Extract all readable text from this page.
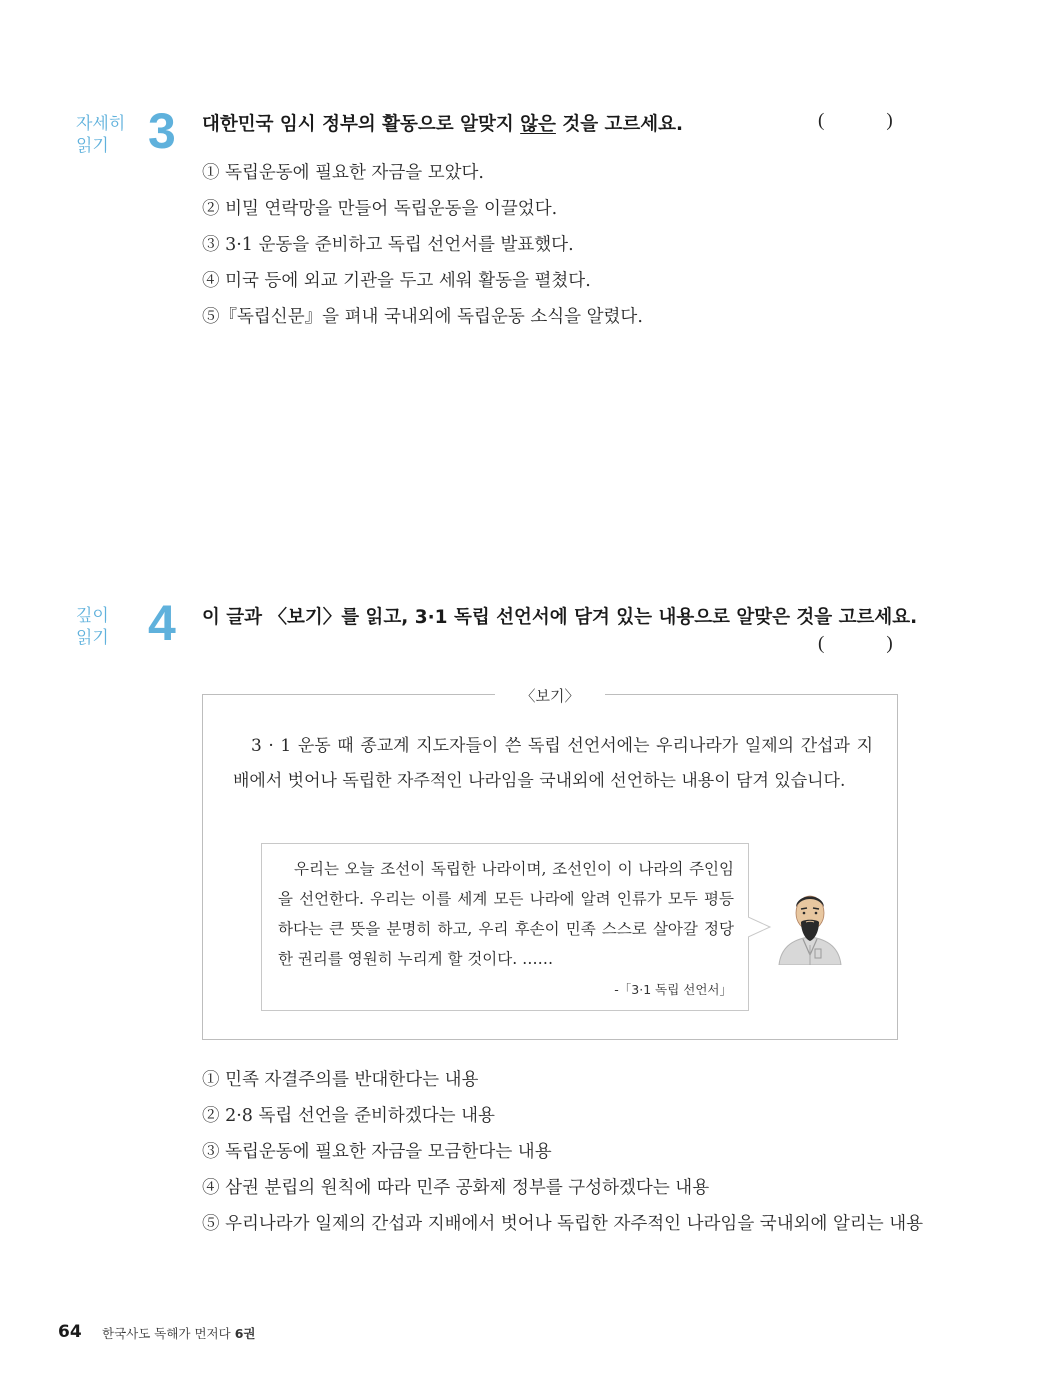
자세히
읽기 3 대한민국 임시 정부의 활동으로 알맞지 않은 것을 고르세요.	(	)
① 독립운동에 필요한 자금을 모았다.
② 비밀 연락망을 만들어 독립운동을 이끌었다.
③ 3·1 운동을 준비하고 독립 선언서를 발표했다.
④ 미국 등에 외교 기관을 두고 세워 활동을 펼쳤다.
⑤『독립신문』을 펴내 국내외에 독립운동 소식을 알렸다.
깊이
읽기 4 이 글과 〈보기〉를 읽고, 3·1 독립 선언서에 담겨 있는 내용으로 알맞은 것을 고르세요.
(	)
〈보기〉
3 · 1 운동 때 종교계 지도자들이 쓴 독립 선언서에는 우리나라가 일제의 간섭과 지배에서 벗어나 독립한 자주적인 나라임을 국내외에 선언하는 내용이 담겨 있습니다.
우리는 오늘 조선이 독립한 나라이며, 조선인이 이 나라의 주인임을 선언한다. 우리는 이를 세계 모든 나라에 알려 인류가 모두 평등하다는 큰 뜻을 분명히 하고, 우리 후손이 민족 스스로 살아갈 정당한 권리를 영원히 누리게 할 것이다. ……
-「3·1 독립 선언서」
① 민족 자결주의를 반대한다는 내용
② 2·8 독립 선언을 준비하겠다는 내용
③ 독립운동에 필요한 자금을 모금한다는 내용
④ 삼권 분립의 원칙에 따라 민주 공화제 정부를 구성하겠다는 내용
⑤ 우리나라가 일제의 간섭과 지배에서 벗어나 독립한 자주적인 나라임을 국내외에 알리는 내용
64 한국사도 독해가 먼저다 6권
